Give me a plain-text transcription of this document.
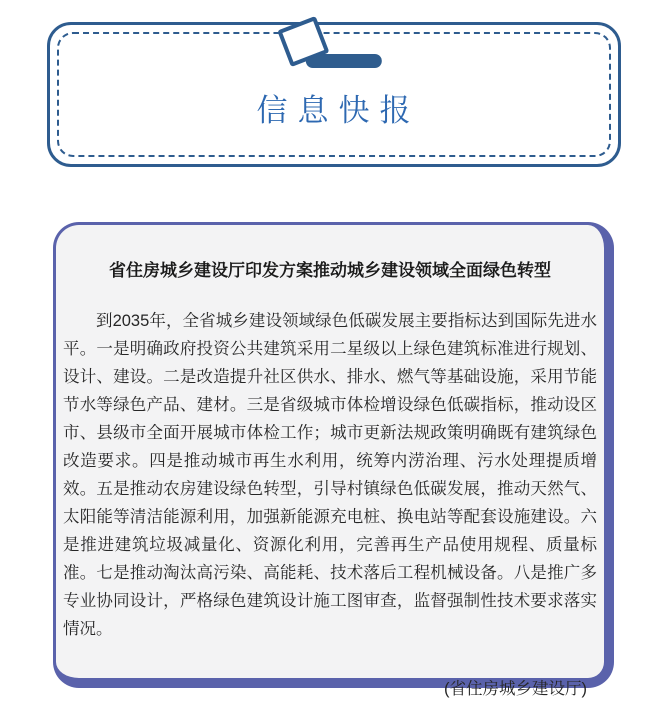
信息快报
省住房城乡建设厅印发方案推动城乡建设领域全面绿色转型

到2035年，全省城乡建设领域绿色低碳发展主要指标达到国际先进水平。一是明确政府投资公共建筑采用二星级以上绿色建筑标准进行规划、设计、建设。二是改造提升社区供水、排水、燃气等基础设施，采用节能节水等绿色产品、建材。三是省级城市体检增设绿色低碳指标，推动设区市、县级市全面开展城市体检工作；城市更新法规政策明确既有建筑绿色改造要求。四是推动城市再生水利用，统筹内涝治理、污水处理提质增效。五是推动农房建设绿色转型，引导村镇绿色低碳发展，推动天然气、太阳能等清洁能源利用，加强新能源充电桩、换电站等配套设施建设。六是推进建筑垃圾减量化、资源化利用，完善再生产品使用规程、质量标准。七是推动淘汰高污染、高能耗、技术落后工程机械设备。八是推广多专业协同设计，严格绿色建筑设计施工图审查，监督强制性技术要求落实情况。

(省住房城乡建设厅)
